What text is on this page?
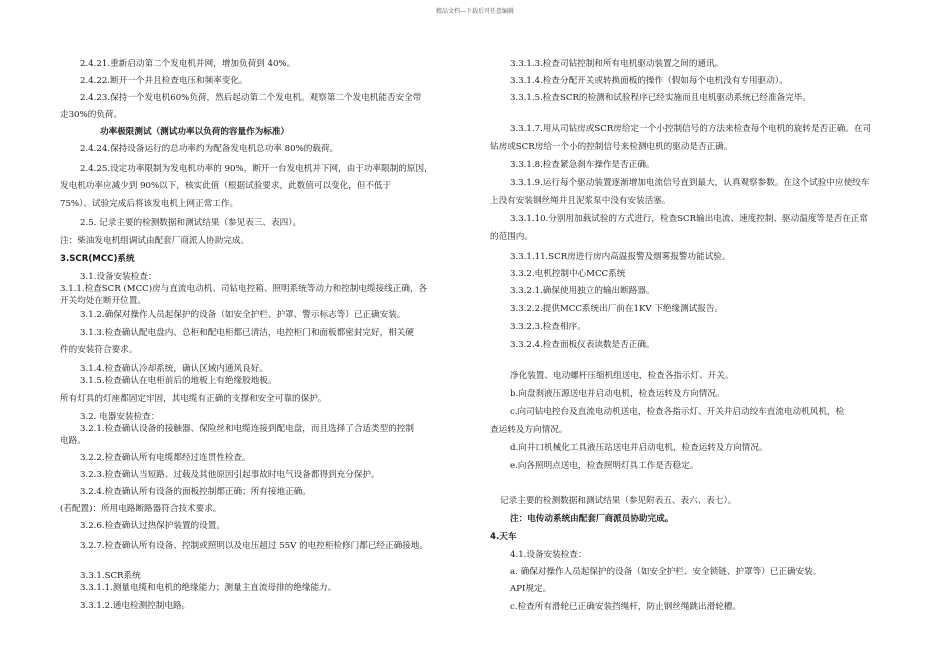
精品文档---下载后可任意编辑
2.4.21.重新启动第二个发电机并网，增加负荷到 40%。
2.4.22.断开一个并且检查电压和频率变化。
2.4.23.保持一个发电机60%负荷，然后起动第二个发电机。观察第二个发电机能否安全带
走30%的负荷。
功率极限测试（测试功率以负荷的容量作为标准）
2.4.24.保持设备运行的总功率约为配备发电机总功率 80%的载荷。
2.4.25.设定功率限制为发电机功率的 90%，断开一台发电机并下网，由于功率限制的原因，
发电机功率应减少到 90%以下，核实此值（根据试验要求，此数值可以变化，但不低于
75%）。试验完成后将该发电机上网正常工作。
2.5. 记录主要的检测数据和测试结果（参见表三、表四）。
注：柴油发电机组调试由配套厂商派人协助完成。
3.SCR(MCC)系统
3.1.设备安装检查：
3.1.1.检查SCR (MCC)房与直流电动机、司钻电控箱、照明系统等动力和控制电缆接线正确，各
开关均处在断开位置。
3.1.2.确保对操作人员起保护的设备（如安全护栏、护罩、警示标志等）已正确安装。
3.1.3.检查确认配电盘内、总柜和配电柜都已清洁，电控柜门和面板都密封完好，相关硬
件的安装符合要求。
3.1.4.检查确认冷却系统，确认区域内通风良好。
3.1.5.检查确认在电柜前后的地板上有绝缘胶地板。
所有灯具的灯座都固定牢固，其电缆有正确的支撑和安全可靠的保护。
3.2. 电器安装检查：
3.2.1.检查确认设备的接触器、保险丝和电缆连接到配电盘，而且选择了合适类型的控制
电路。
3.2.2.检查确认所有电缆都经过连贯性检查。
3.2.3.检查确认当短路、过载及其他原因引起事故时电气设备都得到充分保护。
3.2.4.检查确认所有设备的面板控制都正确；所有接地正确。
(若配置)：所用电路断路器符合技术要求。
3.2.6.检查确认过热保护装置的设置。
3.2.7.检查确认所有设备、控制或照明以及电压超过 55V 的电控柜检修门都已经正确接地。
3.3.1.SCR系统
3.3.1.1.测量电缆和电机的绝缘能力；测量主直流母排的绝缘能力。
3.3.1.2.通电检测控制电路。
3.3.1.3.检查司钻控制和所有电机驱动装置之间的通讯。
3.3.1.4.检查分配开关或转换面板的操作（假如每个电机没有专用驱动）。
3.3.1.5.检查SCR的检测和试验程序已经实施而且电机驱动系统已经准备完毕。
3.3.1.7.用从司钻房或SCR房给定一个小控制信号的方法来检查每个电机的旋转是否正确。在司
钻房或SCR房给一个小的控制信号来检测电机的驱动是否正确。
3.3.1.8.检查紧急刹车操作是否正确。
3.3.1.9.运行每个驱动装置逐渐增加电流信号直到最大，认真观察参数。在这个试验中应使绞车
上没有安装钢丝绳并且泥浆泵中没有安装活塞。
3.3.1.10.分别用加载试验的方式进行，检查SCR输出电流、速度控制、驱动温度等是否在正常
的范围内。
3.3.1.11.SCR房进行房内高温报警及烟雾报警功能试验。
3.3.2.电机控制中心MCC系统
3.3.2.1.确保使用独立的输出断路器。
3.3.2.2.提供MCC系统出厂前在1KV 下绝缘测试报告。
3.3.2.3.检查相序。
3.3.2.4.检查面板仪表读数是否正确。
净化装置、电动螺杆压缩机组送电，检查各指示灯、开关。
b.向盘刹液压源送电并启动电机，检查运转及方向情况。
c.向司钻电控台及直流电动机送电，检查各指示灯、开关并启动绞车直流电动机风机，检
查运转及方向情况。
d.向井口机械化工具液压站送电并启动电机，检查运转及方向情况。
e.向各照明点送电，检查照明灯具工作是否稳定。
记录主要的检测数据和测试结果（参见附表五、表六、表七）。
注：电传动系统由配套厂商派员协助完成。
4.天车
4.1.设备安装检查：
a. 确保对操作人员起保护的设备（如安全护栏、安全锁链、护罩等）已正确安装。
API规定。
c.检查所有滑轮已正确安装挡绳杆，防止钢丝绳跳出滑轮槽。
